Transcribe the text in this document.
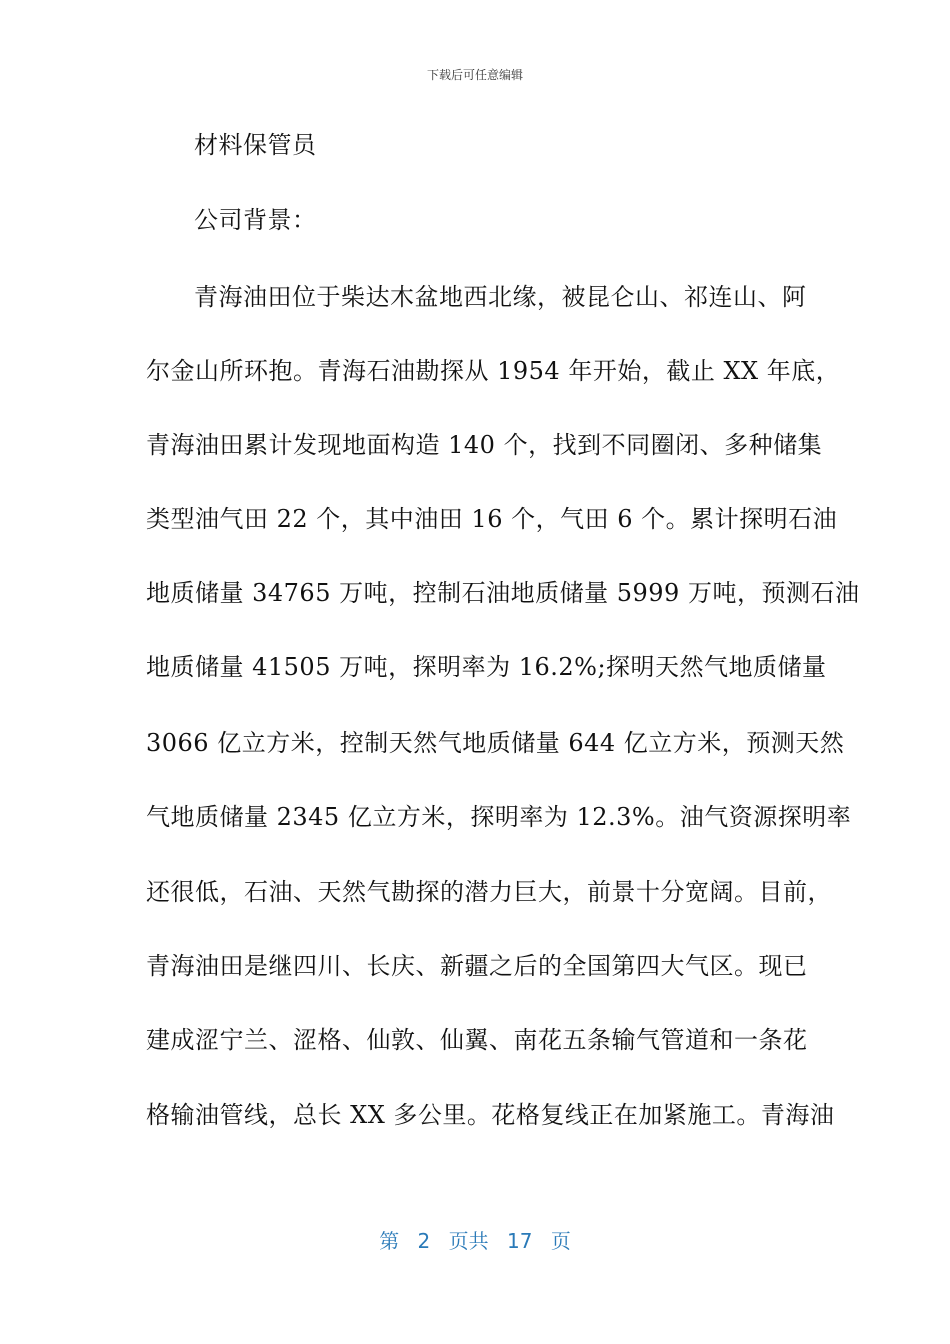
下载后可任意编辑
材料保管员
公司背景：
青海油田位于柴达木盆地西北缘，被昆仑山、祁连山、阿
尔金山所环抱。青海石油勘探从 1954 年开始，截止 XX 年底，
青海油田累计发现地面构造 140 个，找到不同圈闭、多种储集
类型油气田 22 个，其中油田 16 个，气田 6 个。累计探明石油
地质储量 34765 万吨，控制石油地质储量 5999 万吨，预测石油
地质储量 41505 万吨，探明率为 16.2%;探明天然气地质储量
3066 亿立方米，控制天然气地质储量 644 亿立方米，预测天然
气地质储量 2345 亿立方米，探明率为 12.3%。油气资源探明率
还很低，石油、天然气勘探的潜力巨大，前景十分宽阔。目前，
青海油田是继四川、长庆、新疆之后的全国第四大气区。现已
建成涩宁兰、涩格、仙敦、仙翼、南花五条输气管道和一条花
格输油管线，总长 XX 多公里。花格复线正在加紧施工。青海油
第 2 页共 17 页
